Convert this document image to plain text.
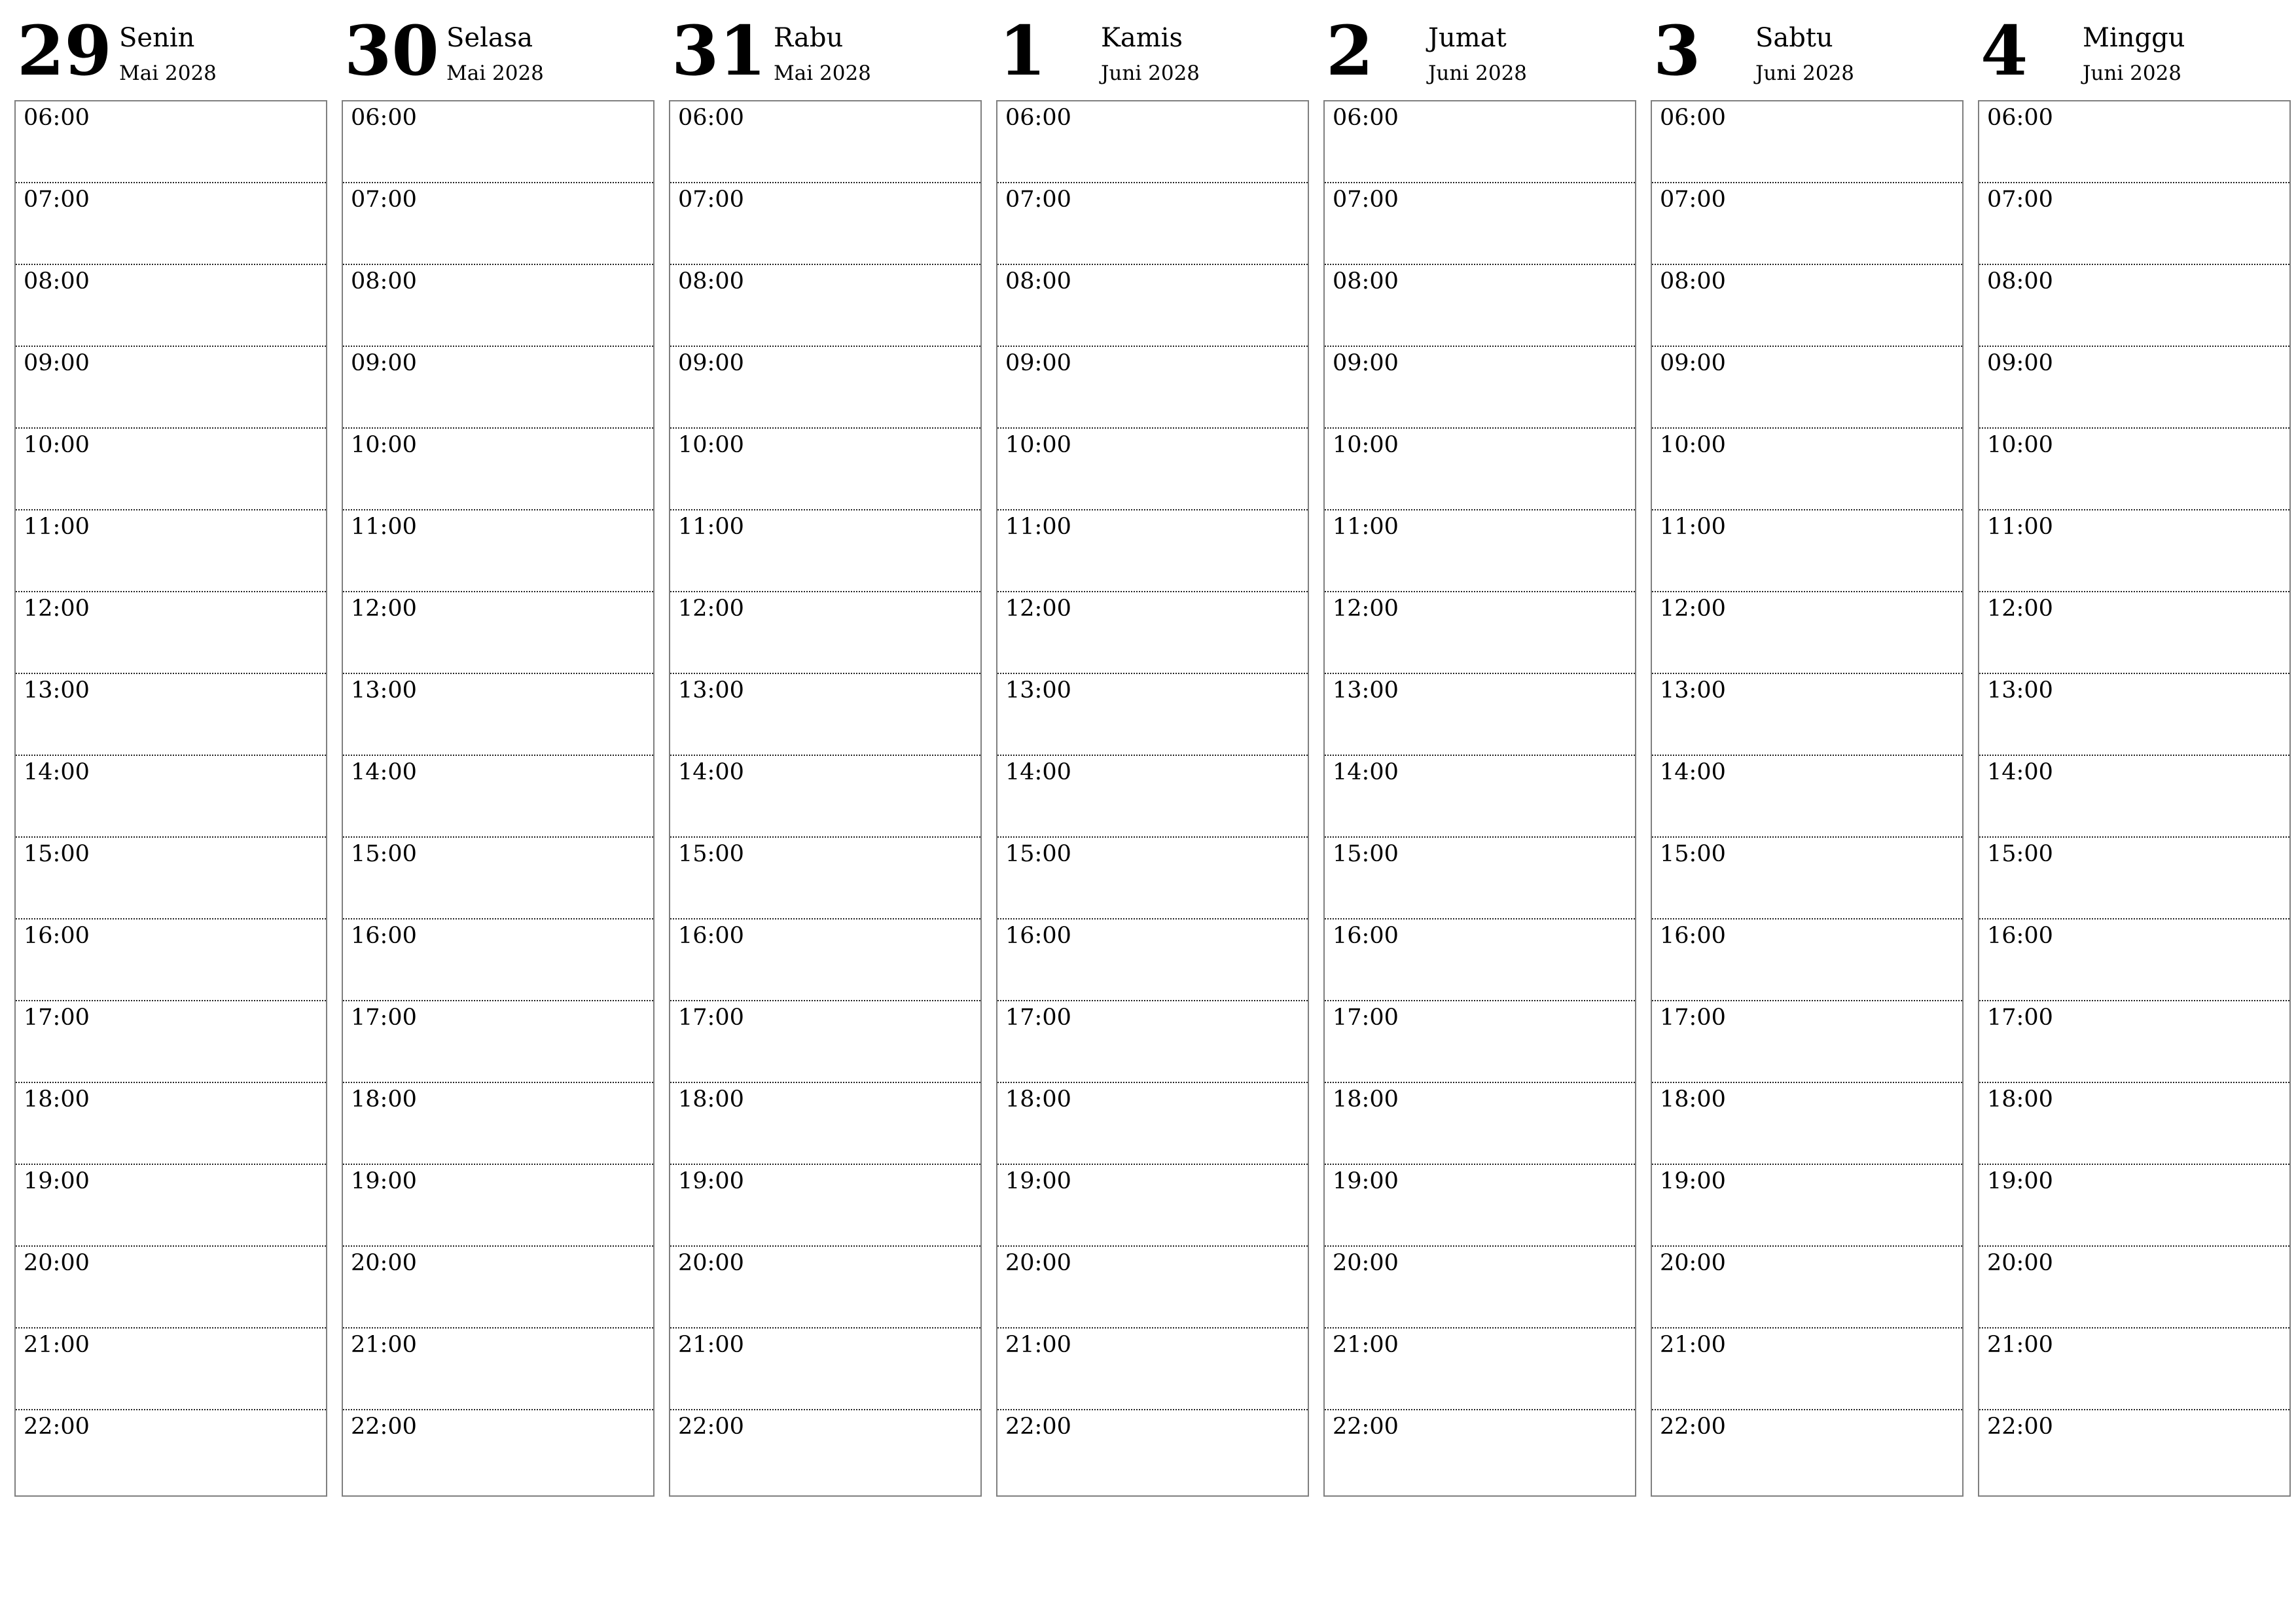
29 Senin
Mai 2028
06:00
07:00
08:00
09:00
10:00
11:00
12:00
13:00
14:00
15:00
16:00
17:00
18:00
19:00
20:00
21:00
22:00
30 Selasa
Mai 2028
06:00
07:00
08:00
09:00
10:00
11:00
12:00
13:00
14:00
15:00
16:00
17:00
18:00
19:00
20:00
21:00
22:00
31 Rabu
Mai 2028
06:00
07:00
08:00
09:00
10:00
11:00
12:00
13:00
14:00
15:00
16:00
17:00
18:00
19:00
20:00
21:00
22:00
1 Kamis
Juni 2028
06:00
07:00
08:00
09:00
10:00
11:00
12:00
13:00
14:00
15:00
16:00
17:00
18:00
19:00
20:00
21:00
22:00
2 Jumat
Juni 2028
06:00
07:00
08:00
09:00
10:00
11:00
12:00
13:00
14:00
15:00
16:00
17:00
18:00
19:00
20:00
21:00
22:00
3 Sabtu
Juni 2028
06:00
07:00
08:00
09:00
10:00
11:00
12:00
13:00
14:00
15:00
16:00
17:00
18:00
19:00
20:00
21:00
22:00
4 Minggu
Juni 2028
06:00
07:00
08:00
09:00
10:00
11:00
12:00
13:00
14:00
15:00
16:00
17:00
18:00
19:00
20:00
21:00
22:00
